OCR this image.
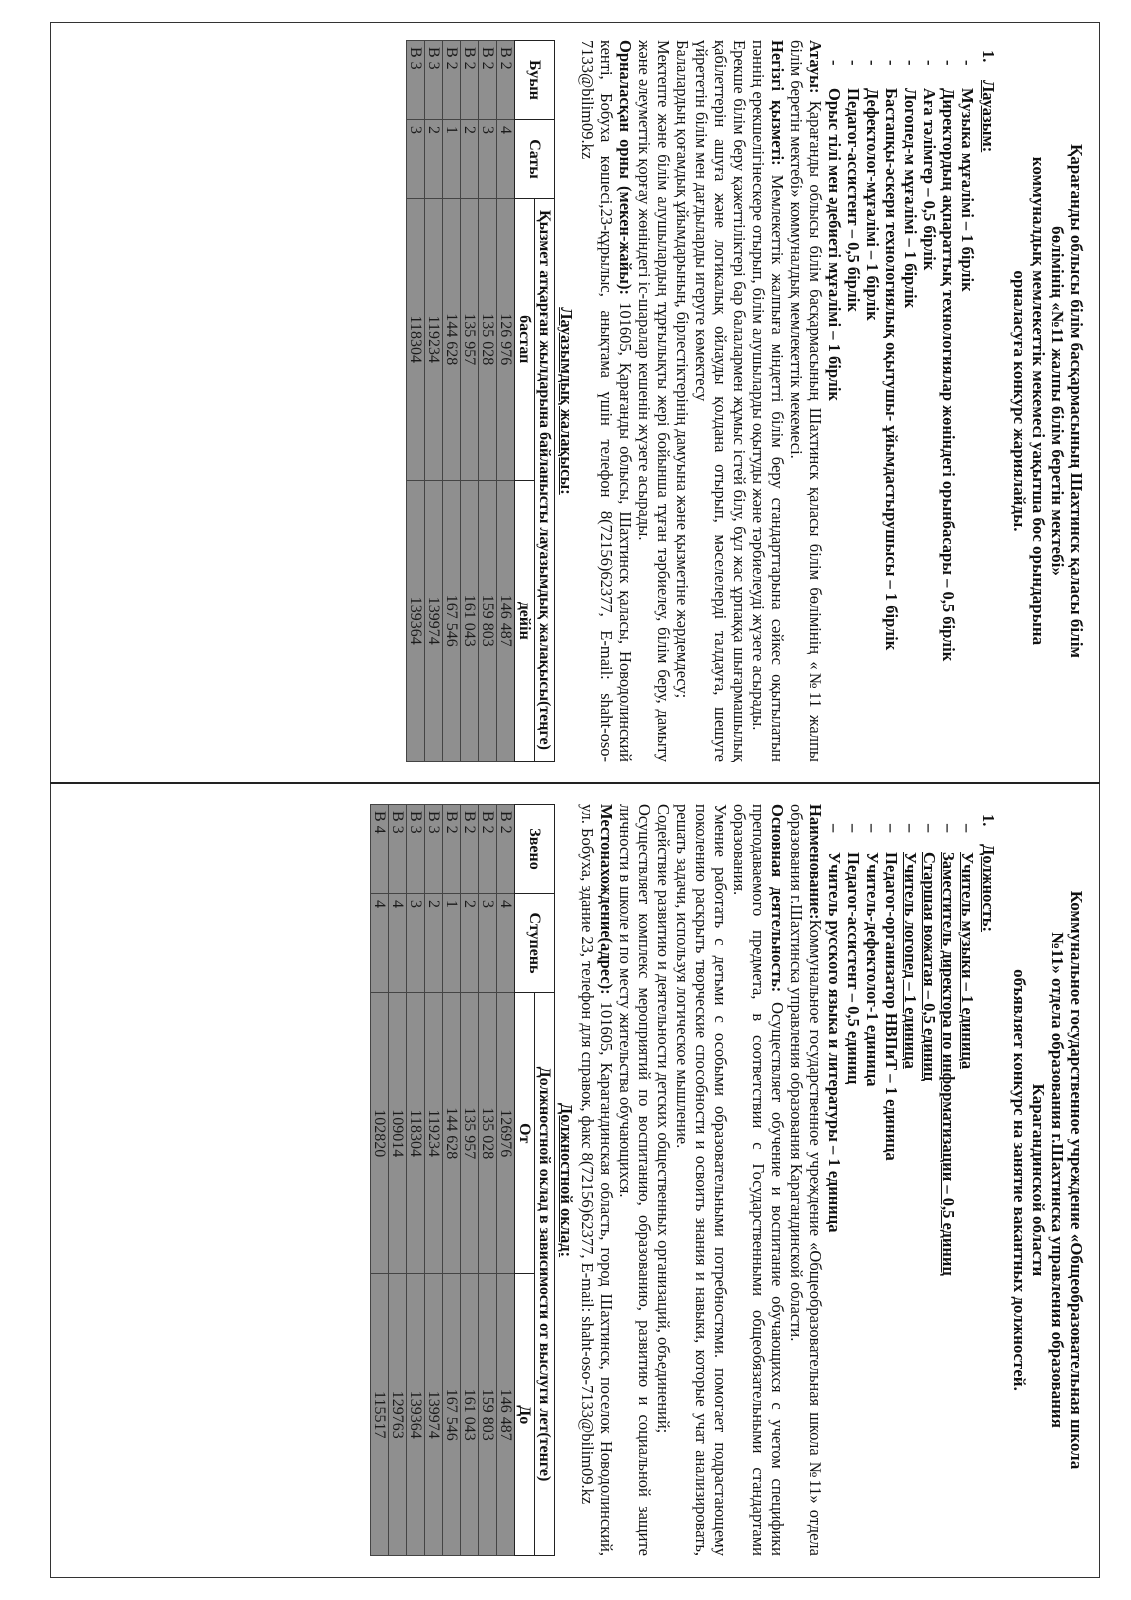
Қарағанды облысы білім басқармасының Шахтинск қаласы білім
бөлімінің «№11 жалпы білім беретін мектебі»
коммуналдық мемлекеттік мекемесі уақытша бос орындарына
орналасуға конкурс жариялайды.
1.Лауазым:
-
Музыка мұғалімі – 1 бірлік
-
Директордың ақпараттық технологиялар жөніндегі орынбасары – 0,5 бірлік
-
Аға тәлімгер – 0,5 бірлік
-
Логопед-м мұғалімі – 1 бірлік
-
Бастапқы-әскери технологиялық оқытушы- ұйымдастырушысы – 1 бірлік
-
Дефектолог-мұғалімі – 1 бірлік
-
Педагог-ассистент – 0,5 бірлік
-
Орыс тілі мен әдебиеті мұғалімі – 1 бірлік

Атауы: Қарағанды облысы білім басқармасының Шахтинск қаласы білім бөлімінің «№11 жалпы білім беретін мектебі» коммуналдық мемлекеттік мекемесі.

Негізгі қызметі: Мемлекеттік жалпыға міндетті білім беру стандарттарына сәйкес оқытылатын пәннің ерекшелігінескере отырып, білім алушыларды оқытуды және тәрбиелеуді жүзеге асырады.

Ерекше білім беру қажеттіліктері бар балалармен жұмыс істей білу, бұл жас ұрпаққа шығармашылық қабілеттерін ашуға және логикалық ойлауды қолдана отырып, мәселелерді талдауға, шешуге үйрететін білім мен дағдыларды игеруге көмектесу

Балалардың қоғамдық ұйымдарының, бірлестіктерінің дамуына және қызметіне жәрдемдесу;

Мектепте және білім алушылардың тұрғылықты жері бойынша тұған тәрбиелеу, білім беру, дамыту және әлеуметтік қорғау жөніндегі іс-шаралар кешенін жүзеге асырады.

Орналасқан орны (мекен-жайы): 101605, Қарағанды облысы, Шахтинск қаласы, Новодолинский кенті, Бобуха көшесі,23-құрылыс, анықтама үшін телефон 8(72156)62377, E-mail: shaht-oso-7133@bilim09.kz

Лауазымдық жалақысы:
Буын	Саты	Қызмет атқарған жылдарына байланысты лауазымдық жалақысы(теңге)	
		бастап	дейін
В 2	4	126 976	146 487
В 2	3	135 028	159 803
В 2	2	135 957	161 043
В 2	1	144 628	167 546
В 3	2	119234	139974
В 3	3	118304	139364
Коммунальное государственное учреждение «Общеобразовательная школа
№11» отдела образования г.Шахтинска управления образования
Карагандинской области
объявляет конкурс на занятие вакантных должностей.
1.Должность:
–
Учитель музыки – 1 единица
–
Заместитель директора по информатизации – 0,5 единиц
–
Старшая вожатая – 0,5 единиц
–
Учитель логопед – 1 единица
–
Педагог-организатор НВПиТ – 1 единица
–
Учитель-дефектолог-1 единица
–
Педагог-ассистент – 0,5 единиц
–
Учитель русского языка и литературы – 1 единица

Наименование:Коммунальное государственное учреждение «Общеобразовательная школа №11» отдела образования г.Шахтинска управления образования Карагандинской области.

Основная деятельность: Осуществляет обучение и воспитание обучающихся с учетом специфики преподаваемого предмета, в соответствии с Государственными общеобязательными стандартами образования.

Умение работать с детьми с особыми образовательными потребностями. помогает подрастающему поколению раскрыть творческие способности и освоить знания и навыки, которые учат анализировать, решать задачи, используя логическое мышление.

Содействие развитию и деятельности детских общественных организаций, объединений;

Осуществляет комплекс мероприятий по воспитанию, образованию, развитию и социальной защите личности в школе и по месту жительства обучающихся.

Местонахождение(адрес): 101605, Карагандинская область, город Шахтинск, поселок Новодолинский, ул. Бобуха, здание 23, телефон для справок, факс 8(72156)62377, E-mail: shaht-oso-7133@bilim09.kz

Должностной оклад:
Звено	Ступень	Должностной оклад в зависимости от выслуги лет(тенге)	
		От	До
В 2	4	126976	146 487
В 2	3	135 028	159 803
В 2	2	135 957	161 043
В 2	1	144 628	167 546
В 3	2	119234	139974
В 3	3	118304	139364
В 3	4	109014	129763
В 4	4	102820	115517
